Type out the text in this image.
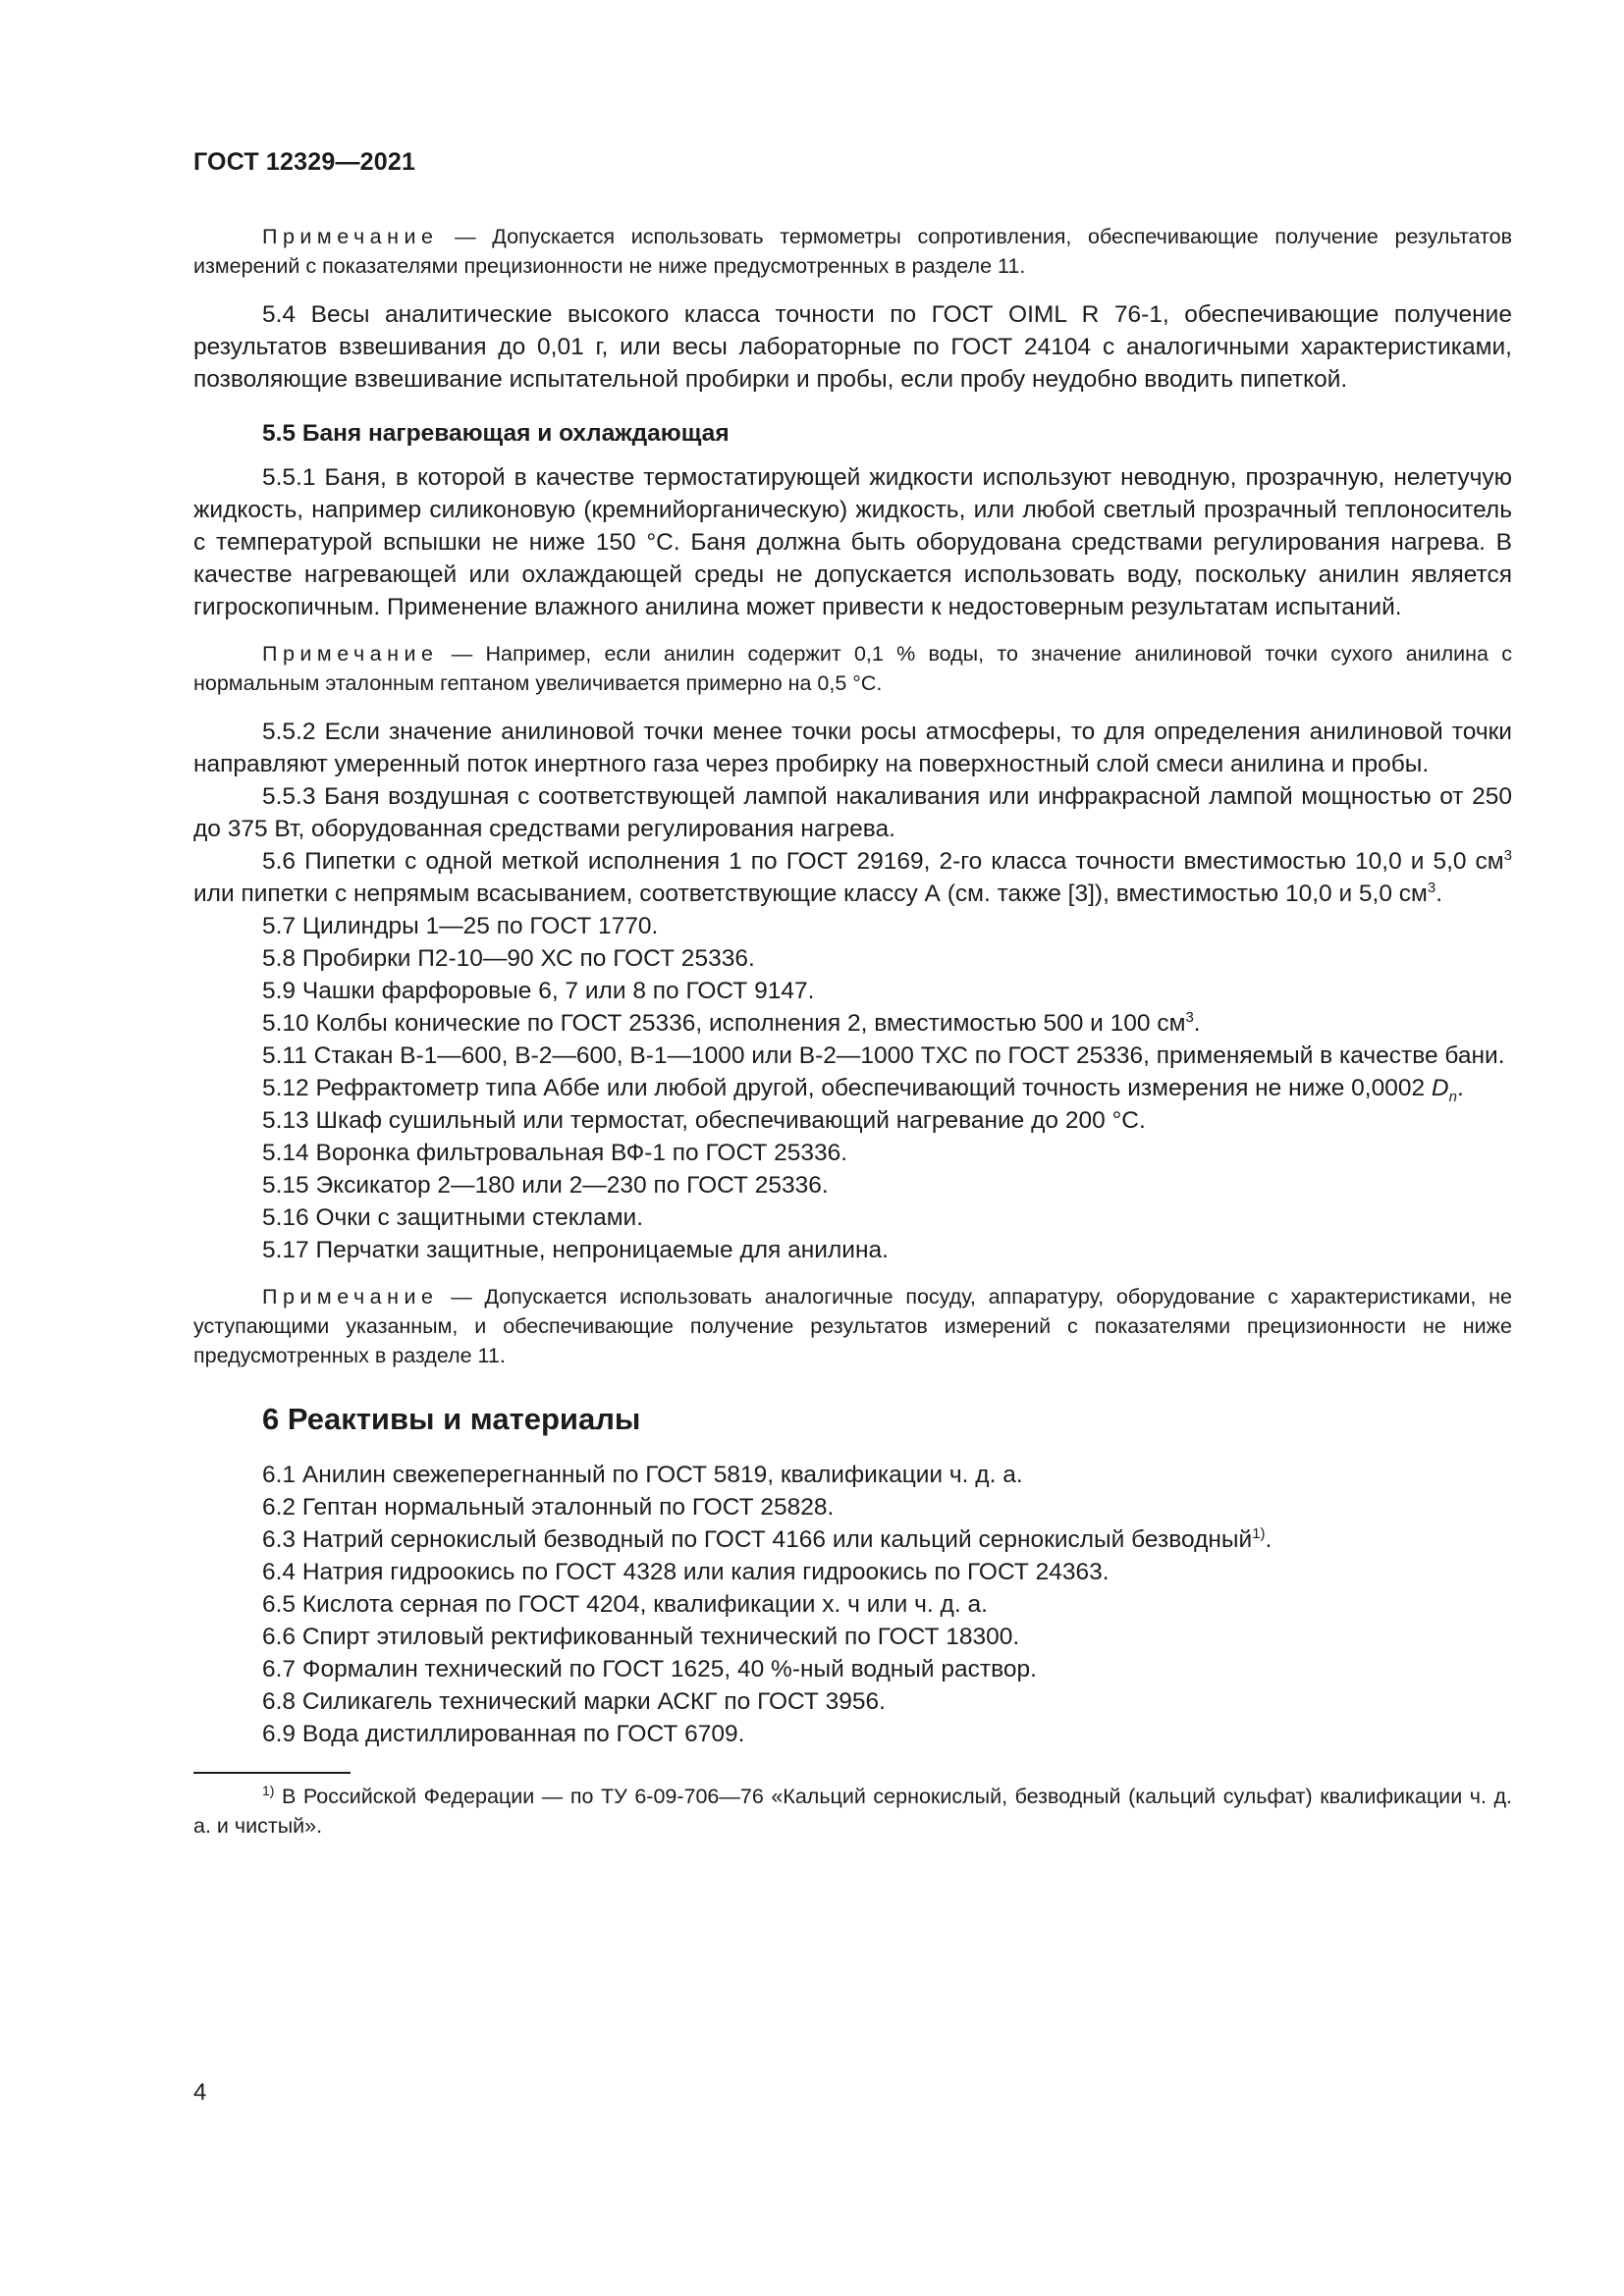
ГОСТ 12329—2021

Примечание — Допускается использовать термометры сопротивления, обеспечивающие получение результатов измерений с показателями прецизионности не ниже предусмотренных в разделе 11.

5.4 Весы аналитические высокого класса точности по ГОСТ OIML R 76-1, обеспечивающие получение результатов взвешивания до 0,01 г, или весы лабораторные по ГОСТ 24104 с аналогичными характеристиками, позволяющие взвешивание испытательной пробирки и пробы, если пробу неудобно вводить пипеткой.

5.5 Баня нагревающая и охлаждающая

5.5.1 Баня, в которой в качестве термостатирующей жидкости используют неводную, прозрачную, нелетучую жидкость, например силиконовую (кремнийорганическую) жидкость, или любой светлый прозрачный теплоноситель с температурой вспышки не ниже 150 °С. Баня должна быть оборудована средствами регулирования нагрева. В качестве нагревающей или охлаждающей среды не допускается использовать воду, поскольку анилин является гигроскопичным. Применение влажного анилина может привести к недостоверным результатам испытаний.

Примечание — Например, если анилин содержит 0,1 % воды, то значение анилиновой точки сухого анилина с нормальным эталонным гептаном увеличивается примерно на 0,5 °С.

5.5.2 Если значение анилиновой точки менее точки росы атмосферы, то для определения анилиновой точки направляют умеренный поток инертного газа через пробирку на поверхностный слой смеси анилина и пробы.

5.5.3 Баня воздушная с соответствующей лампой накаливания или инфракрасной лампой мощностью от 250 до 375 Вт, оборудованная средствами регулирования нагрева.

5.6 Пипетки с одной меткой исполнения 1 по ГОСТ 29169, 2-го класса точности вместимостью 10,0 и 5,0 $см^3$ или пипетки с непрямым всасыванием, соответствующие классу А (см. также [3]), вместимостью 10,0 и 5,0 $см^3$.

5.7 Цилиндры 1—25 по ГОСТ 1770.

5.8 Пробирки П2-10—90 ХС по ГОСТ 25336.

5.9 Чашки фарфоровые 6, 7 или 8 по ГОСТ 9147.

5.10 Колбы конические по ГОСТ 25336, исполнения 2, вместимостью 500 и 100 $см^3$.

5.11 Стакан В-1—600, В-2—600, В-1—1000 или В-2—1000 ТХС по ГОСТ 25336, применяемый в качестве бани.

5.12 Рефрактометр типа Аббе или любой другой, обеспечивающий точность измерения не ниже 0,0002 $D_n$.

5.13 Шкаф сушильный или термостат, обеспечивающий нагревание до 200 °С.

5.14 Воронка фильтровальная ВФ-1 по ГОСТ 25336.

5.15 Эксикатор 2—180 или 2—230 по ГОСТ 25336.

5.16 Очки с защитными стеклами.

5.17 Перчатки защитные, непроницаемые для анилина.

Примечание — Допускается использовать аналогичные посуду, аппаратуру, оборудование с характеристиками, не уступающими указанным, и обеспечивающие получение результатов измерений с показателями прецизионности не ниже предусмотренных в разделе 11.

6 Реактивы и материалы

6.1 Анилин свежеперегнанный по ГОСТ 5819, квалификации ч. д. а.

6.2 Гептан нормальный эталонный по ГОСТ 25828.

6.3 Натрий сернокислый безводный по ГОСТ 4166 или кальций сернокислый безводный$^{1)}$.

6.4 Натрия гидроокись по ГОСТ 4328 или калия гидроокись по ГОСТ 24363.

6.5 Кислота серная по ГОСТ 4204, квалификации х. ч или ч. д. а.

6.6 Спирт этиловый ректификованный технический по ГОСТ 18300.

6.7 Формалин технический по ГОСТ 1625, 40 %-ный водный раствор.

6.8 Силикагель технический марки АСКГ по ГОСТ 3956.

6.9 Вода дистиллированная по ГОСТ 6709.

$^{1)}$ В Российской Федерации — по ТУ 6-09-706—76 «Кальций сернокислый, безводный (кальций сульфат) квалификации ч. д. а. и чистый».

4
